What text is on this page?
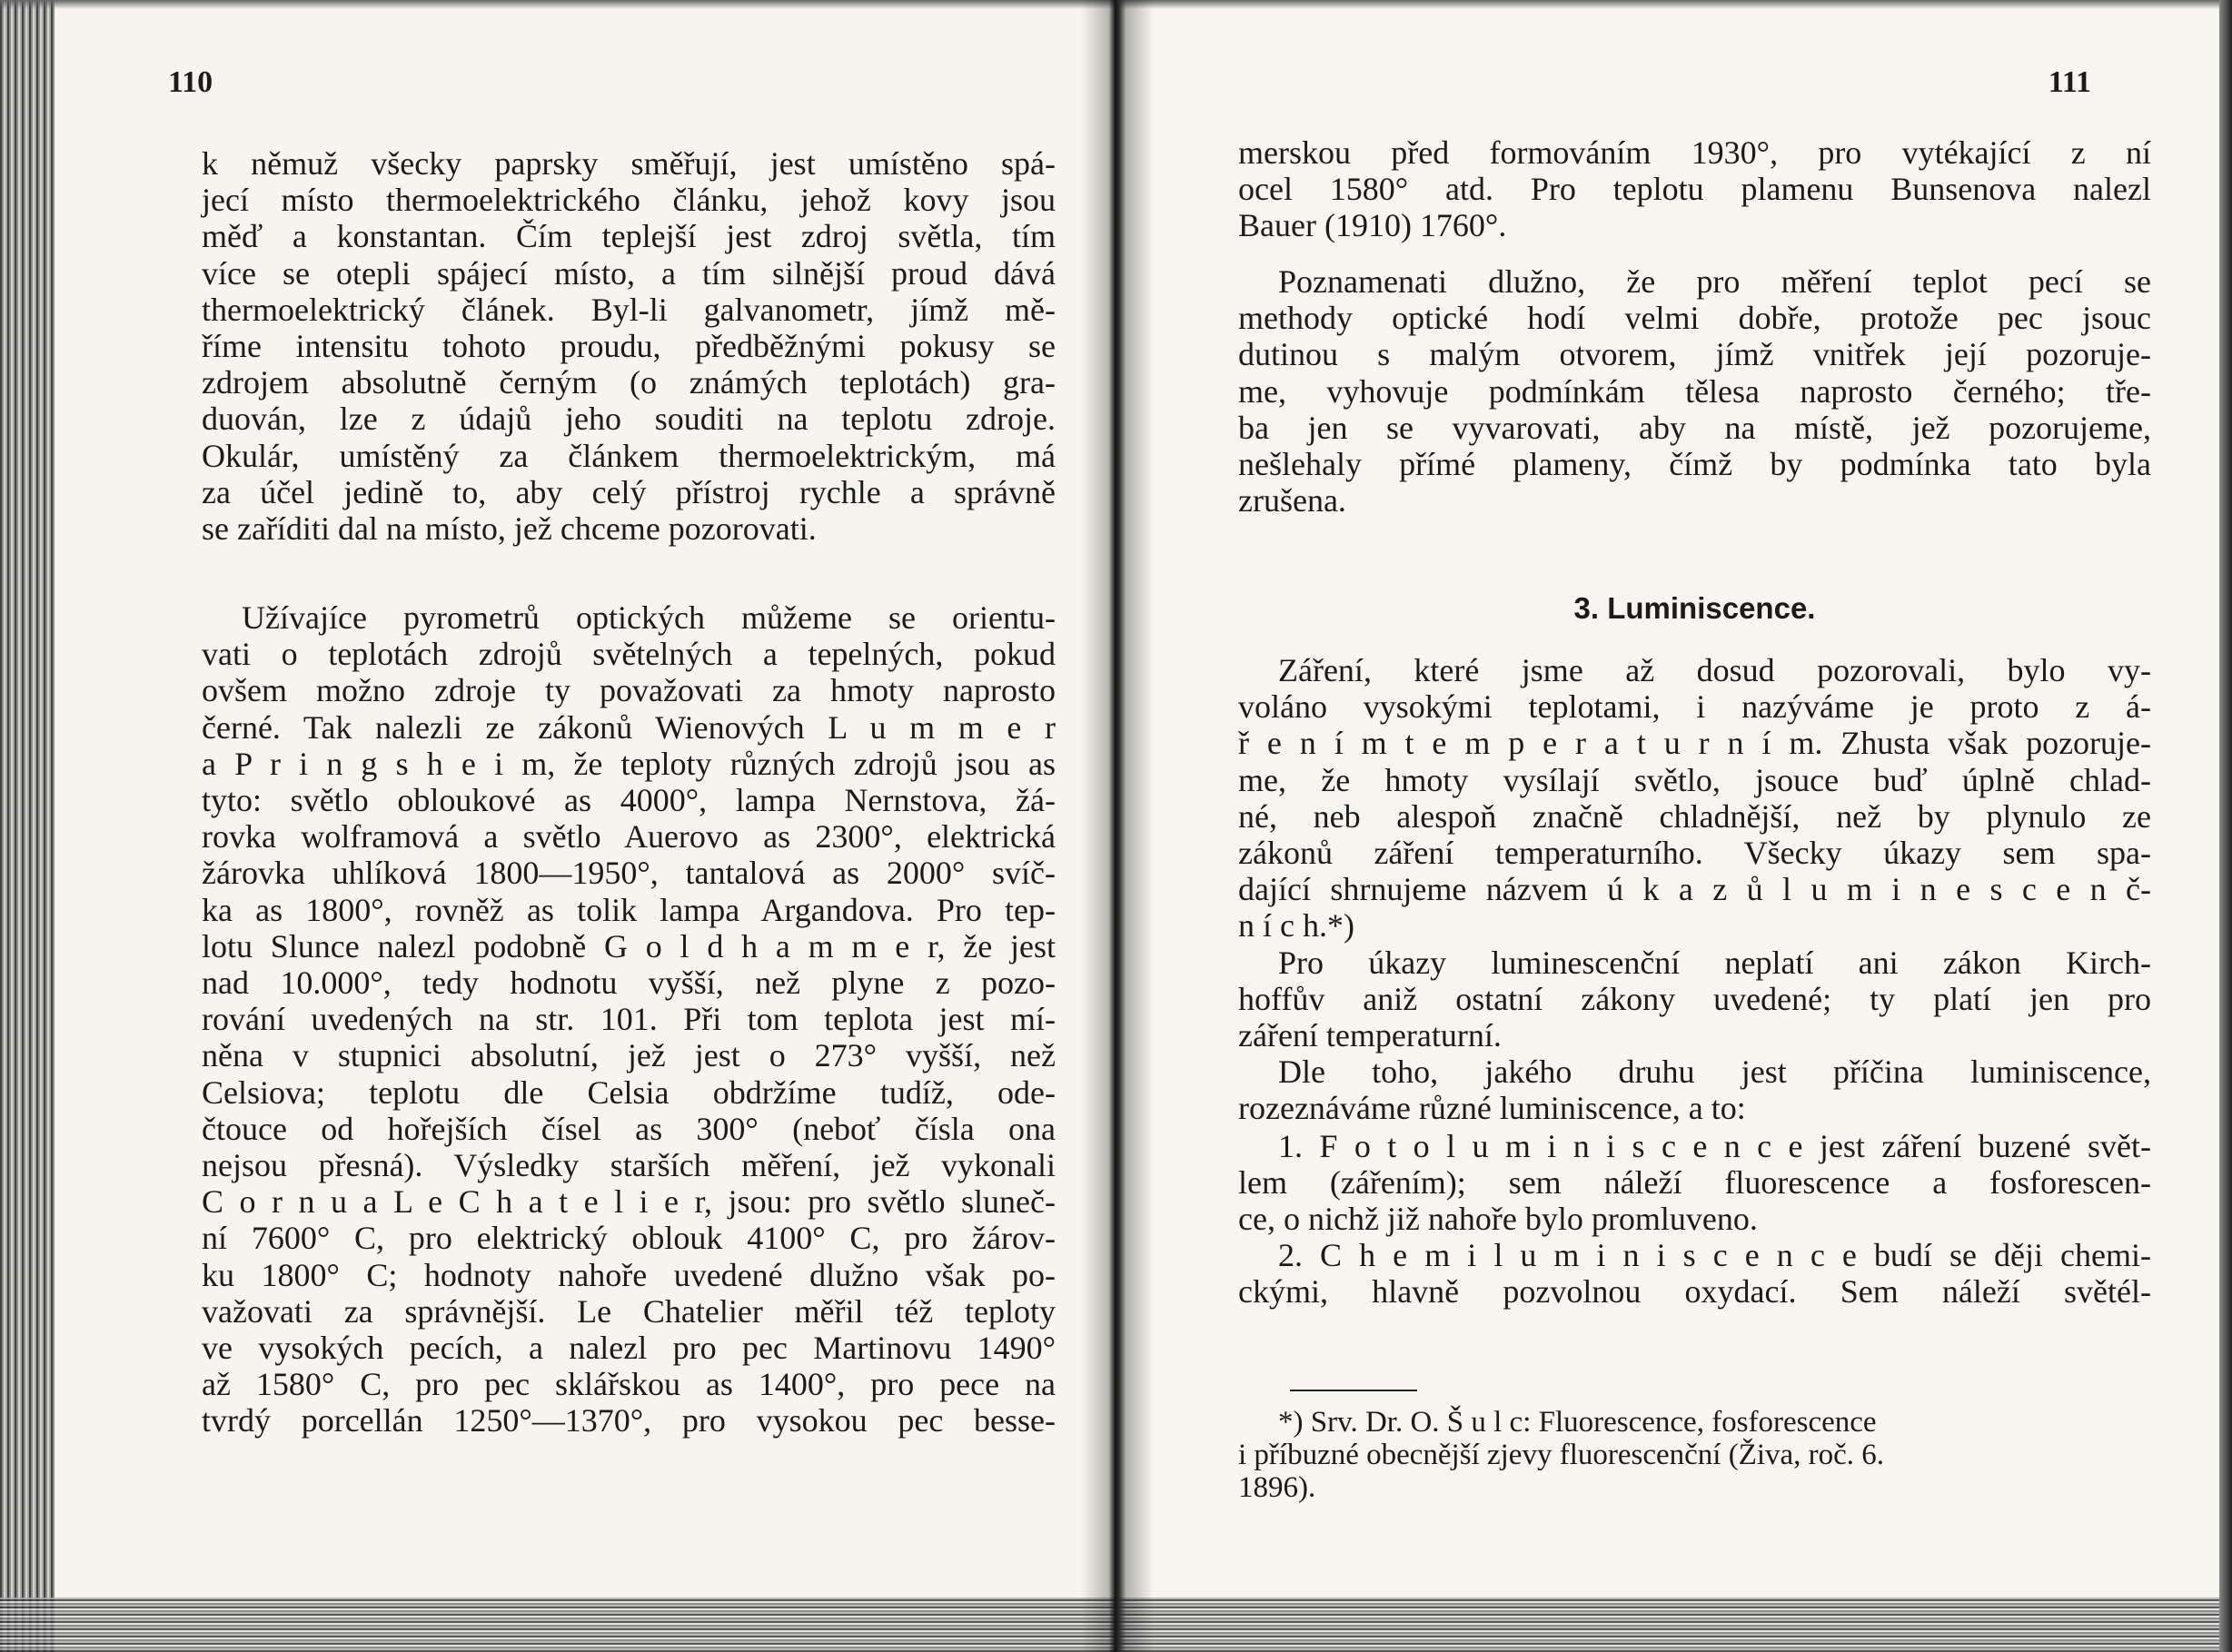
110
k němuž všecky paprsky směřují, jest umístěno spá-
jecí místo thermoelektrického článku, jehož kovy jsou
měď a konstantan. Čím teplejší jest zdroj světla, tím
více se otepli spájecí místo, a tím silnější proud dává
thermoelektrický článek. Byl-li galvanometr, jímž mě-
říme intensitu tohoto proudu, předběžnými pokusy se
zdrojem absolutně černým (o známých teplotách) gra-
duován, lze z údajů jeho souditi na teplotu zdroje.
Okulár, umístěný za článkem thermoelektrickým, má
za účel jedině to, aby celý přístroj rychle a správně
se zaříditi dal na místo, jež chceme pozorovati.
Užívajíce pyrometrů optických můžeme se orientu-
vati o teplotách zdrojů světelných a tepelných, pokud
ovšem možno zdroje ty považovati za hmoty naprosto
černé. Tak nalezli ze zákonů Wienových L u m m e r
a P r i n g s h e i m, že teploty různých zdrojů jsou as
tyto: světlo obloukové as 4000°, lampa Nernstova, žá-
rovka wolframová a světlo Auerovo as 2300°, elektrická
žárovka uhlíková 1800—1950°, tantalová as 2000° svíč-
ka as 1800°, rovněž as tolik lampa Argandova. Pro tep-
lotu Slunce nalezl podobně G o l d h a m m e r, že jest
nad 10.000°, tedy hodnotu vyšší, než plyne z pozo-
rování uvedených na str. 101. Při tom teplota jest mí-
něna v stupnici absolutní, jež jest o 273° vyšší, než
Celsiova; teplotu dle Celsia obdržíme tudíž, ode-
čtouce od hořejších čísel as 300° (neboť čísla ona
nejsou přesná). Výsledky starších měření, jež vykonali
C o r n u a L e C h a t e l i e r, jsou: pro světlo sluneč-
ní 7600° C, pro elektrický oblouk 4100° C, pro žárov-
ku 1800° C; hodnoty nahoře uvedené dlužno však po-
važovati za správnější. Le Chatelier měřil též teploty
ve vysokých pecích, a nalezl pro pec Martinovu 1490°
až 1580° C, pro pec sklářskou as 1400°, pro pece na
tvrdý porcellán 1250°—1370°, pro vysokou pec besse-
111
merskou před formováním 1930°, pro vytékající z ní
ocel 1580° atd. Pro teplotu plamenu Bunsenova nalezl
Bauer (1910) 1760°.
Poznamenati dlužno, že pro měření teplot pecí se
methody optické hodí velmi dobře, protože pec jsouc
dutinou s malým otvorem, jímž vnitřek její pozoruje-
me, vyhovuje podmínkám tělesa naprosto černého; tře-
ba jen se vyvarovati, aby na místě, jež pozorujeme,
nešlehaly přímé plameny, čímž by podmínka tato byla
zrušena.
3. Luminiscence.
Záření, které jsme až dosud pozorovali, bylo vy-
voláno vysokými teplotami, i nazýváme je proto z á-
ř e n í m t e m p e r a t u r n í m. Zhusta však pozoruje-
me, že hmoty vysílají světlo, jsouce buď úplně chlad-
né, neb alespoň značně chladnější, než by plynulo ze
zákonů záření temperaturního. Všecky úkazy sem spa-
dající shrnujeme názvem ú k a z ů l u m i n e s c e n č-
n í c h.*)
Pro úkazy luminescenční neplatí ani zákon Kirch-
hoffův aniž ostatní zákony uvedené; ty platí jen pro
záření temperaturní.
Dle toho, jakého druhu jest příčina luminiscence,
rozeznáváme různé luminiscence, a to:
1. F o t o l u m i n i s c e n c e jest záření buzené svět-
lem (zářením); sem náleží fluorescence a fosforescen-
ce, o nichž již nahoře bylo promluveno.
2. C h e m i l u m i n i s c e n c e budí se ději chemi-
ckými, hlavně pozvolnou oxydací. Sem náleží světél-
*) Srv. Dr. O. Š u l c: Fluorescence, fosforescence
i příbuzné obecnější zjevy fluorescenční (Živa, roč. 6.
1896).
